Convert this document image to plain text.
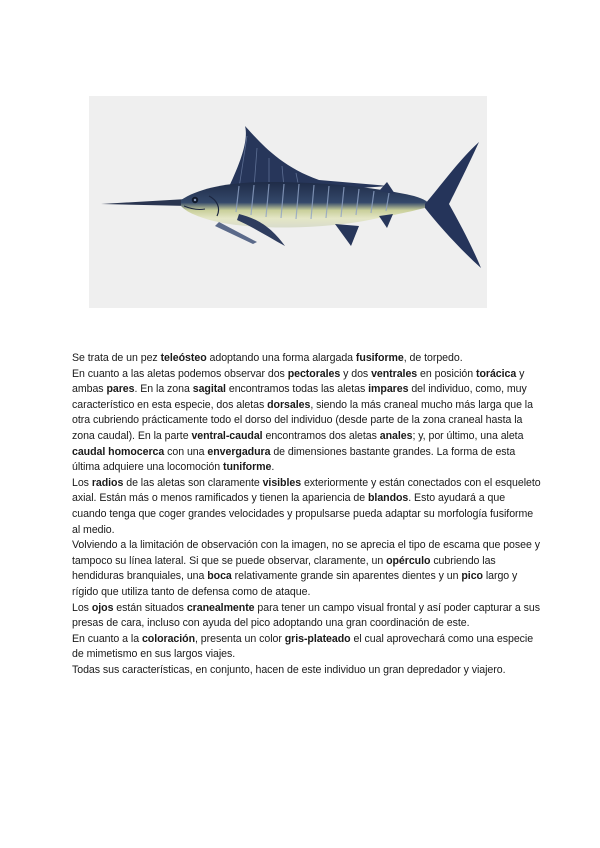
Se trata de un pez teleósteo adoptando una forma alargada fusiforme, de torpedo.

En cuanto a las aletas podemos observar dos pectorales y dos ventrales en posición torácica y ambas pares. En la zona sagital encontramos todas las aletas impares del individuo, como, muy característico en esta especie, dos aletas dorsales, siendo la más craneal mucho más larga que la otra cubriendo prácticamente todo el dorso del individuo (desde parte de la zona craneal hasta la zona caudal). En la parte ventral-caudal encontramos dos aletas anales; y, por último, una aleta caudal homocerca con una envergadura de dimensiones bastante grandes. La forma de esta última adquiere una locomoción tuniforme.

Los radios de las aletas son claramente visibles exteriormente y están conectados con el esqueleto axial. Están más o menos ramificados y tienen la apariencia de blandos. Esto ayudará a que cuando tenga que coger grandes velocidades y propulsarse pueda adaptar su morfología fusiforme al medio.

Volviendo a la limitación de observación con la imagen, no se aprecia el tipo de escama que posee y tampoco su línea lateral. Si que se puede observar, claramente, un opérculo cubriendo las hendiduras branquiales, una boca relativamente grande sin aparentes dientes y un pico largo y rígido que utiliza tanto de defensa como de ataque.

Los ojos están situados cranealmente para tener un campo visual frontal y así poder capturar a sus presas de cara, incluso con ayuda del pico adoptando una gran coordinación de este.

En cuanto a la coloración, presenta un color gris-plateado el cual aprovechará como una especie de mimetismo en sus largos viajes.

Todas sus características, en conjunto, hacen de este individuo un gran depredador y viajero.
